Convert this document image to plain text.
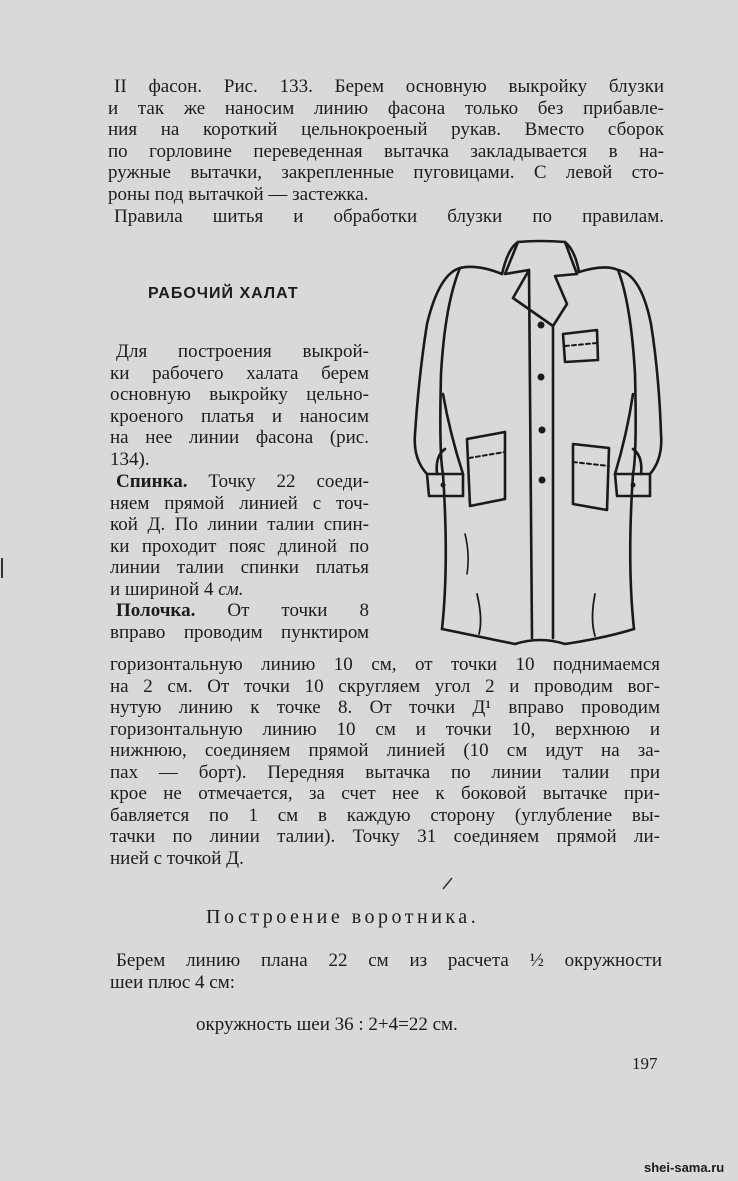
II фасон. Рис. 133. Берем основную выкройку блузки

и так же наносим линию фасона только без прибавле-

ния на короткий цельнокроеный рукав. Вместо сборок

по горловине переведенная вытачка закладывается в на-

ружные вытачки, закрепленные пуговицами. С левой сто-

роны под вытачкой — застежка.

Правила шитья и обработки блузки по правилам.

РАБОЧИЙ ХАЛАТ

Для построения выкрой-

ки рабочего халата берем

основную выкройку цельно-

кроеного платья и наносим

на нее линии фасона (рис.

134).

Спинка. Точку 22 соеди-

няем прямой линией с точ-

кой Д. По линии талии спин-

ки проходит пояс длиной по

линии талии спинки платья

и шириной 4 см.

Полочка. От точки 8

вправо проводим пунктиром

горизонтальную линию 10 см, от точки 10 поднимаемся

на 2 см. От точки 10 скругляем угол 2 и проводим вог-

нутую линию к точке 8. От точки Д¹ вправо проводим

горизонтальную линию 10 см и точки 10, верхнюю и

нижнюю, соединяем прямой линией (10 см идут на за-

пах — борт). Передняя вытачка по линии талии при

крое не отмечается, за счет нее к боковой вытачке при-

бавляется по 1 см в каждую сторону (углубление вы-

тачки по линии талии). Точку 31 соединяем прямой ли-

нией с точкой Д.

Построение воротника.

Берем линию плана 22 см из расчета ½ окружности

шеи плюс 4 см:

окружность шеи 36 : 2+4=22 см.
197
shei-sama.ru
